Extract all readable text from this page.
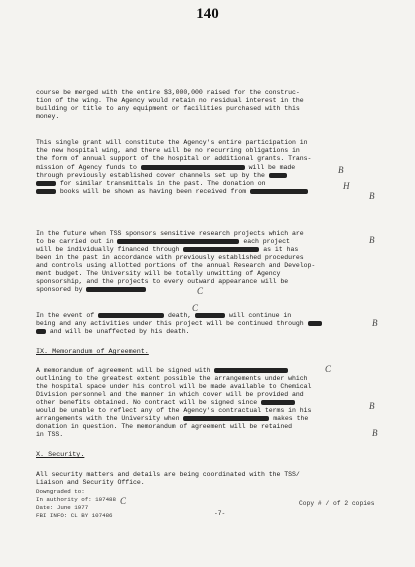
140
course be merged with the entire $3,000,000 raised for the construc-
tion of the wing. The Agency would retain no residual interest in the
building or title to any equipment or facilities purchased with this
money.
This single grant will constitute the Agency's entire participation in
the new hospital wing, and there will be no recurring obligations in
the form of annual support of the hospital or additional grants. Trans-
mission of Agency funds to	will be made
through previously established cover channels set up by the
for similar transmittals in the past. The donation on
books will be shown as having been received from
In the future when TSS sponsors sensitive research projects which are
to be carried out in	each project
will be individually financed through	as it has
been in the past in accordance with previously established procedures
and controls using allotted portions of the annual Research and Develop-
ment budget. The University will be totally unwitting of Agency
sponsorship, and the projects to every outward appearance will be
sponsored by
In the event of	death,	will continue in
being and any activities under this project will be continued through
and will be unaffected by his death.
IX. Memorandum of Agreement.
A memorandum of agreement will be signed with
outlining to the greatest extent possible the arrangements under which
the hospital space under his control will be made available to Chemical
Division personnel and the manner in which cover will be provided and
other benefits obtained. No contract will be signed since
would be unable to reflect any of the Agency's contractual terms in his
arrangements with the University when	makes the
donation in question. The memorandum of agreement will be retained
in TSS.
X. Security.
All security matters and details are being coordinated with the TSS/
Liaison and Security Office.
Downgraded to:
In authority of: 107488
Date: June 1977
FBI INFO: CL BY 107486	-7-
Copy # / of 2 copies
B
H
B
B
C
C
B
C
B
C
B
